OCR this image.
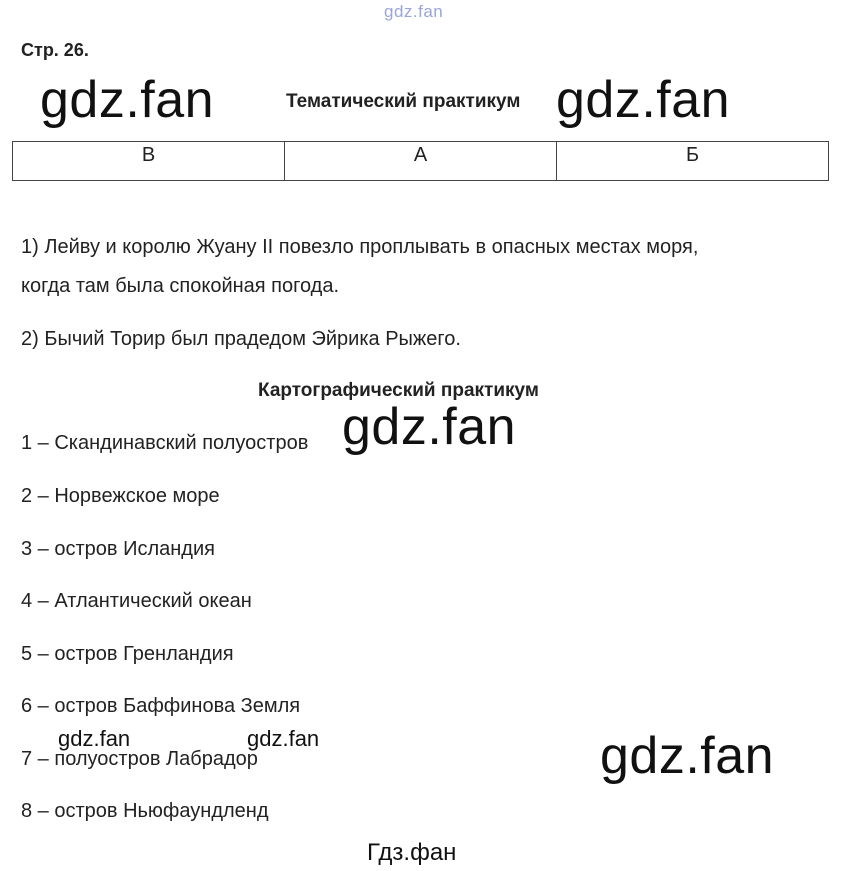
gdz.fan
Стр. 26.
gdz.fan	gdz.fan
Тематический практикум
В	А	Б
1) Лейву и королю Жуану II повезло проплывать в опасных местах моря,
когда там была спокойная погода.
2) Бычий Торир был прадедом Эйрика Рыжего.
Картографический практикум
gdz.fan
1 – Скандинавский полуостров
2 – Норвежское море
3 – остров Исландия
4 – Атлантический океан
5 – остров Гренландия
6 – остров Баффинова Земля
7 – полуостров Лабрадор
8 – остров Ньюфаундленд
gdz.fan	gdz.fan	gdz.fan
Гдз.фан
